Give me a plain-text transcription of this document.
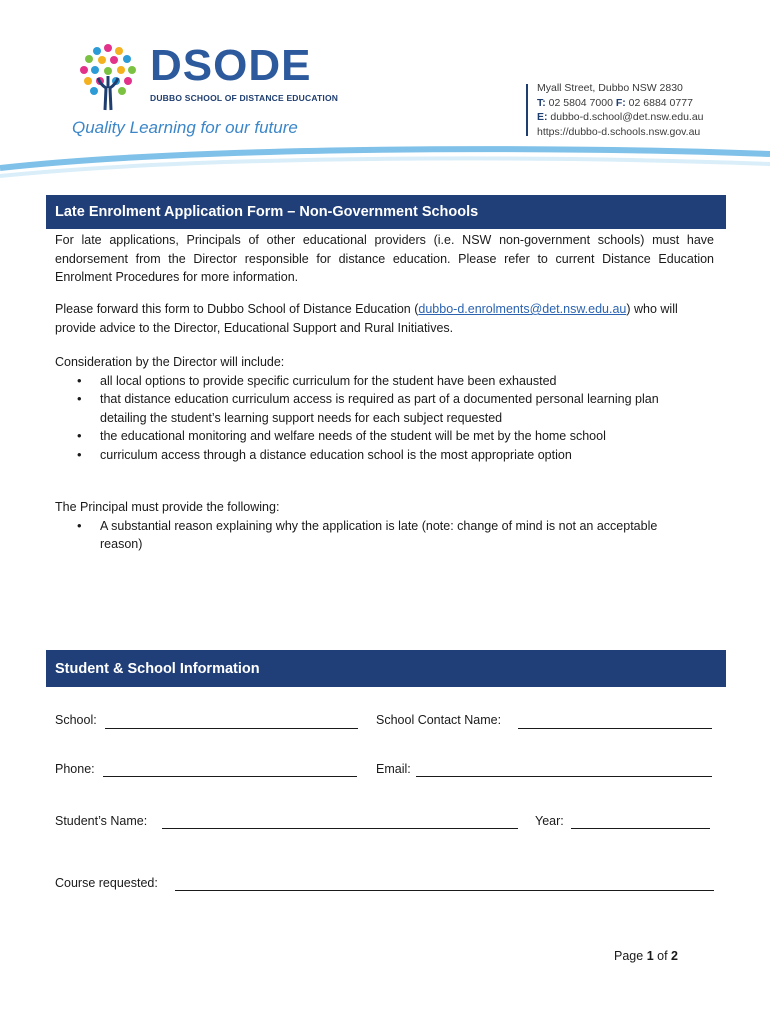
DSODE
DUBBO SCHOOL OF DISTANCE EDUCATION
Quality Learning for our future
Myall Street, Dubbo NSW 2830
T: 02 5804 7000 F: 02 6884 0777
E: dubbo-d.school@det.nsw.edu.au
https://dubbo-d.schools.nsw.gov.au
Late Enrolment Application Form – Non-Government Schools
For late applications, Principals of other educational providers (i.e. NSW non-government schools) must have endorsement from the Director responsible for distance education. Please refer to current Distance Education Enrolment Procedures for more information.
Please forward this form to Dubbo School of Distance Education (dubbo-d.enrolments@det.nsw.edu.au) who will provide advice to the Director, Educational Support and Rural Initiatives.
Consideration by the Director will include:
• all local options to provide specific curriculum for the student have been exhausted
• that distance education curriculum access is required as part of a documented personal learning plan detailing the student’s learning support needs for each subject requested
• the educational monitoring and welfare needs of the student will be met by the home school
• curriculum access through a distance education school is the most appropriate option
The Principal must provide the following:
• A substantial reason explaining why the application is late (note: change of mind is not an acceptable reason)
Student & School Information
School:	School Contact Name:
Phone:	Email:
Student’s Name:	Year:
Course requested:
Page 1 of 2
